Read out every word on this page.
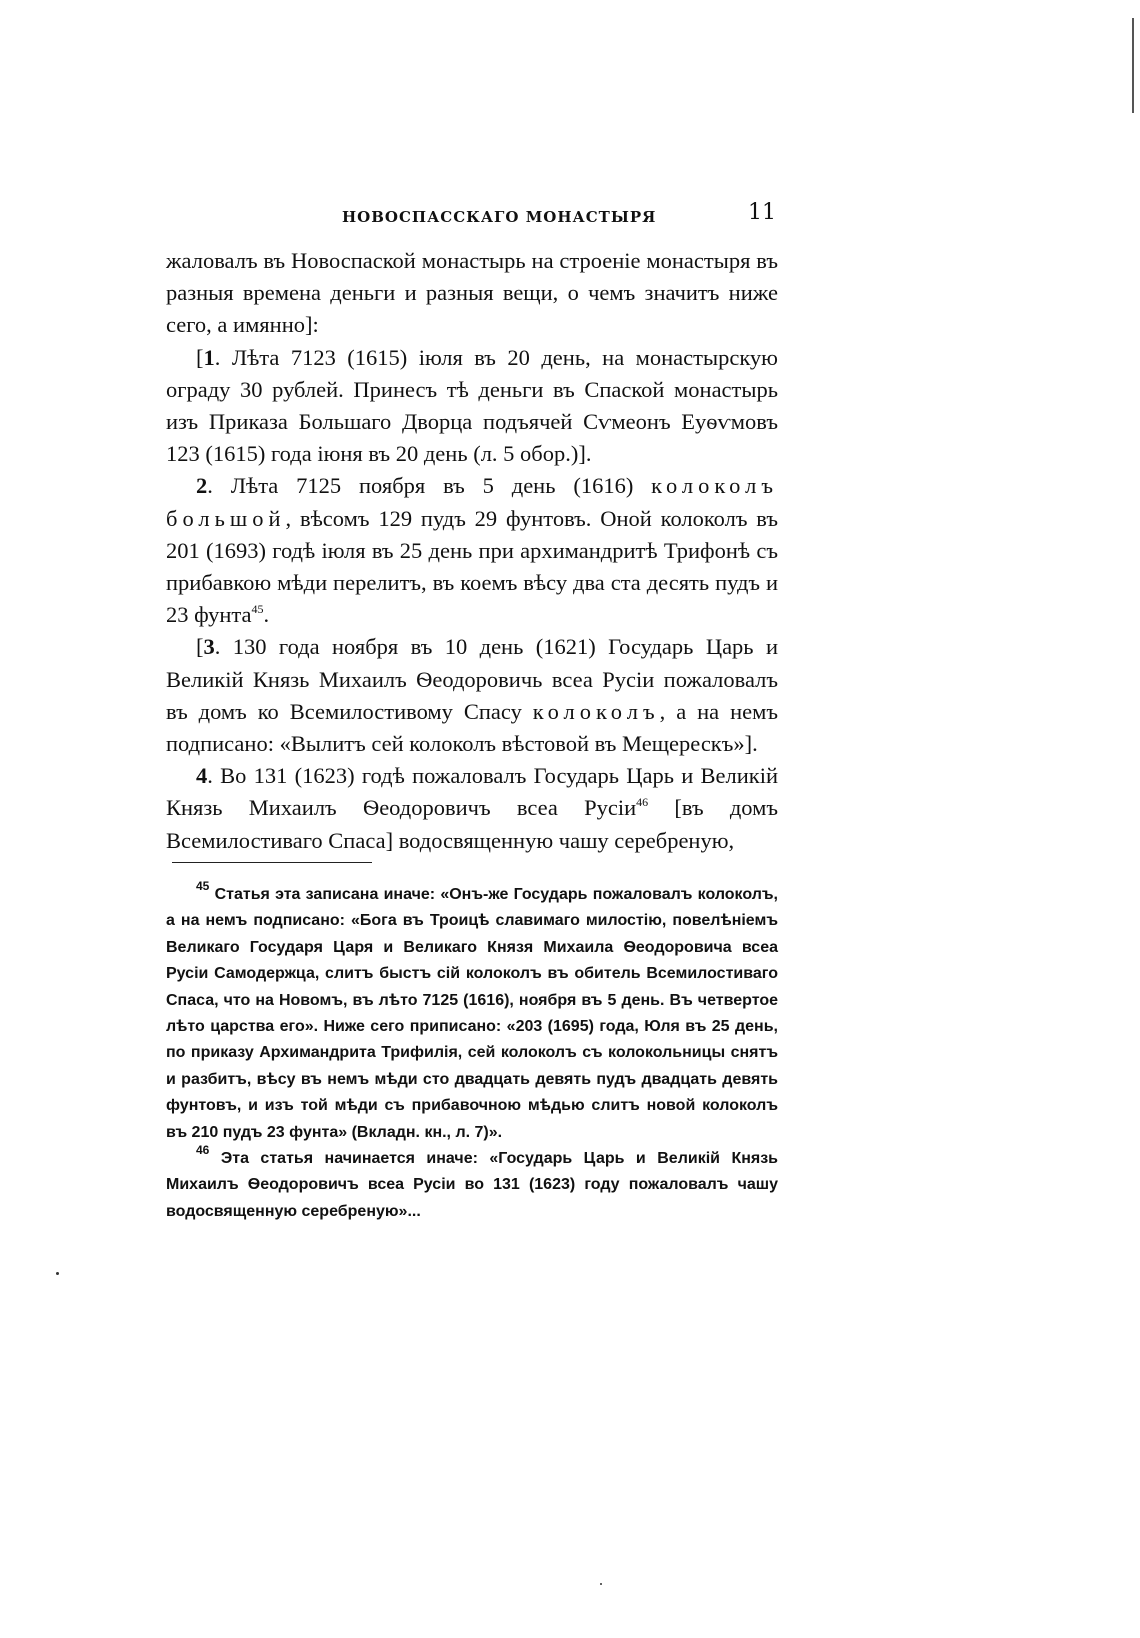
НОВОСПАССКАГО МОНАСТЫРЯ	11

жаловалъ въ Новоспаской монастырь на строеніе монастыря въ разныя времена деньги и разныя вещи, о чемъ значитъ ниже сего, а имянно]:

[1. Лѣта 7123 (1615) іюля въ 20 день, на монастырскую ограду 30 рублей. Принесъ тѣ деньги въ Спаской монастырь изъ Приказа Большаго Дворца подъячей Сѵмеонъ Еуѳѵмовъ 123 (1615) года іюня въ 20 день (л. 5 обор.)].

2. Лѣта 7125 поября въ 5 день (1616) колоколъ большой, вѣсомъ 129 пудъ 29 фунтовъ. Оной колоколъ въ 201 (1693) годѣ іюля въ 25 день при архимандритѣ Трифонѣ съ прибавкою мѣди перелитъ, въ коемъ вѣсу два ста десять пудъ и 23 фунта$^{45}$.

[3. 130 года ноября въ 10 день (1621) Государь Царь и Великій Князь Михаилъ Ѳеодоровичь всеа Русіи пожаловалъ въ домъ ко Всемилостивому Спасу колоколъ, а на немъ подписано: «Вылитъ сей колоколъ вѣстовой въ Мещерескъ»].

4. Во 131 (1623) годѣ пожаловалъ Государь Царь и Великій Князь Михаилъ Ѳеодоровичъ всеа Русіи$^{46}$ [въ домъ Всемилостиваго Спаса] водосвященную чашу серебреную,

$^{45}$ Статья эта записана иначе: «Онъ-же Государь пожаловалъ колоколъ, а на немъ подписано: «Бога въ Троицѣ славимаго милостію, повелѣніемъ Великаго Государя Царя и Великаго Князя Михаила Ѳеодоровича всеа Русіи Самодержца, слитъ быстъ сій колоколъ въ обитель Всемилостиваго Спаса, что на Новомъ, въ лѣто 7125 (1616), ноября въ 5 день. Въ четвертое лѣто царства его». Ниже сего приписано: «203 (1695) года, Юля въ 25 день, по приказу Архимандрита Трифилія, сей колоколъ съ колокольницы снятъ и разбитъ, вѣсу въ немъ мѣди сто двадцать девять пудъ двадцать девять фунтовъ, и изъ той мѣди съ прибавочною мѣдью слитъ новой колоколъ въ 210 пудъ 23 фунта» (Вкладн. кн., л. 7)».

$^{46}$ Эта статья начинается иначе: «Государь Царь и Великій Князь Михаилъ Ѳеодоровичъ всеа Русіи во 131 (1623) году пожаловалъ чашу водосвященную серебреную»...
